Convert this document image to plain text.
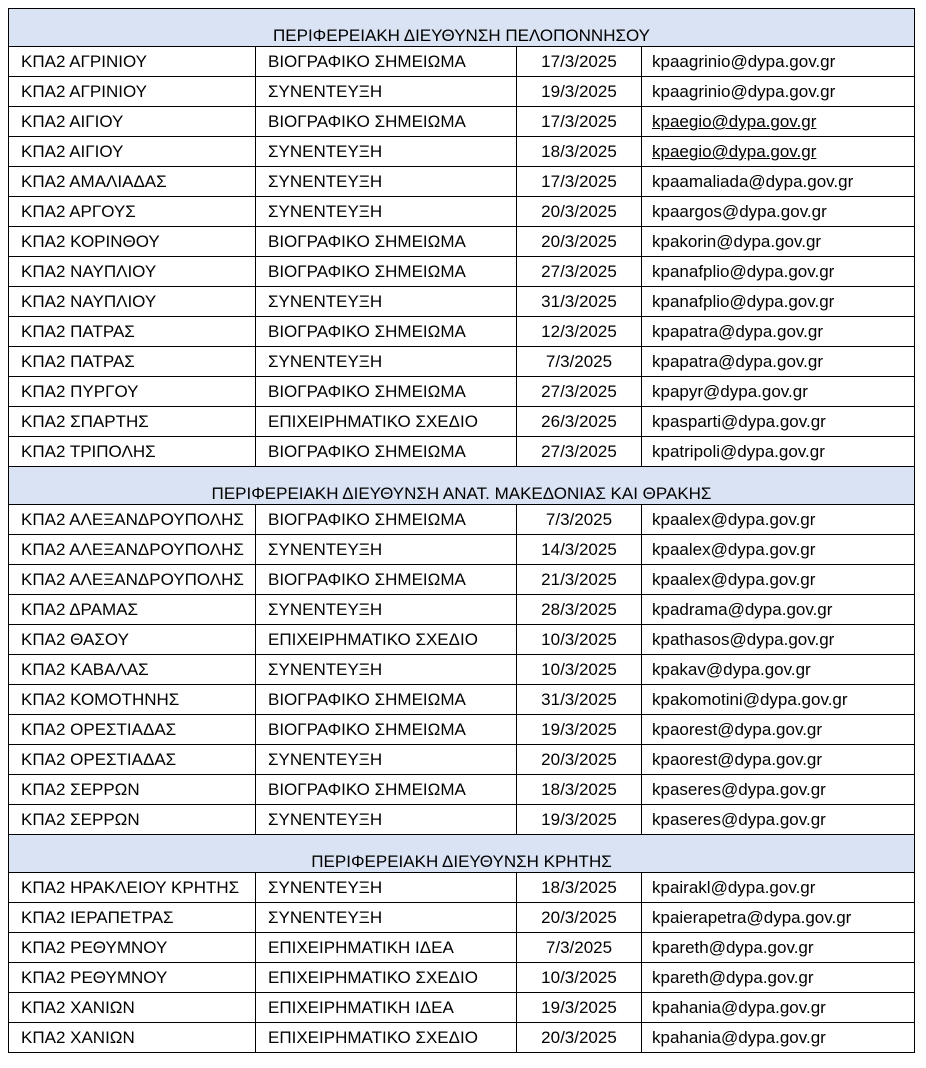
ΠΕΡΙΦΕΡΕΙΑΚΗ ΔΙΕΥΘΥΝΣΗ ΠΕΛΟΠΟΝΝΗΣΟΥ			
ΚΠΑ2 ΑΓΡΙΝΙΟΥ	ΒΙΟΓΡΑΦΙΚΟ ΣΗΜΕΙΩΜΑ	17/3/2025	kpaagrinio@dypa.gov.gr
ΚΠΑ2 ΑΓΡΙΝΙΟΥ	ΣΥΝΕΝΤΕΥΞΗ	19/3/2025	kpaagrinio@dypa.gov.gr
ΚΠΑ2 ΑΙΓΙΟΥ	ΒΙΟΓΡΑΦΙΚΟ ΣΗΜΕΙΩΜΑ	17/3/2025	kpaegio@dypa.gov.gr
ΚΠΑ2 ΑΙΓΙΟΥ	ΣΥΝΕΝΤΕΥΞΗ	18/3/2025	kpaegio@dypa.gov.gr
ΚΠΑ2 ΑΜΑΛΙΑΔΑΣ	ΣΥΝΕΝΤΕΥΞΗ	17/3/2025	kpaamaliada@dypa.gov.gr
ΚΠΑ2 ΑΡΓΟΥΣ	ΣΥΝΕΝΤΕΥΞΗ	20/3/2025	kpaargos@dypa.gov.gr
ΚΠΑ2 ΚΟΡΙΝΘΟΥ	ΒΙΟΓΡΑΦΙΚΟ ΣΗΜΕΙΩΜΑ	20/3/2025	kpakorin@dypa.gov.gr
ΚΠΑ2 ΝΑΥΠΛΙΟΥ	ΒΙΟΓΡΑΦΙΚΟ ΣΗΜΕΙΩΜΑ	27/3/2025	kpanafplio@dypa.gov.gr
ΚΠΑ2 ΝΑΥΠΛΙΟΥ	ΣΥΝΕΝΤΕΥΞΗ	31/3/2025	kpanafplio@dypa.gov.gr
ΚΠΑ2 ΠΑΤΡΑΣ	ΒΙΟΓΡΑΦΙΚΟ ΣΗΜΕΙΩΜΑ	12/3/2025	kpapatra@dypa.gov.gr
ΚΠΑ2 ΠΑΤΡΑΣ	ΣΥΝΕΝΤΕΥΞΗ	7/3/2025	kpapatra@dypa.gov.gr
ΚΠΑ2 ΠΥΡΓΟΥ	ΒΙΟΓΡΑΦΙΚΟ ΣΗΜΕΙΩΜΑ	27/3/2025	kpapyr@dypa.gov.gr
ΚΠΑ2 ΣΠΑΡΤΗΣ	ΕΠΙΧΕΙΡΗΜΑΤΙΚΟ ΣΧΕΔΙΟ	26/3/2025	kpasparti@dypa.gov.gr
ΚΠΑ2 ΤΡΙΠΟΛΗΣ	ΒΙΟΓΡΑΦΙΚΟ ΣΗΜΕΙΩΜΑ	27/3/2025	kpatripoli@dypa.gov.gr
ΠΕΡΙΦΕΡΕΙΑΚΗ ΔΙΕΥΘΥΝΣΗ ΑΝΑΤ. ΜΑΚΕΔΟΝΙΑΣ ΚΑΙ ΘΡΑΚΗΣ			
ΚΠΑ2 ΑΛΕΞΑΝΔΡΟΥΠΟΛΗΣ	ΒΙΟΓΡΑΦΙΚΟ ΣΗΜΕΙΩΜΑ	7/3/2025	kpaalex@dypa.gov.gr
ΚΠΑ2 ΑΛΕΞΑΝΔΡΟΥΠΟΛΗΣ	ΣΥΝΕΝΤΕΥΞΗ	14/3/2025	kpaalex@dypa.gov.gr
ΚΠΑ2 ΑΛΕΞΑΝΔΡΟΥΠΟΛΗΣ	ΒΙΟΓΡΑΦΙΚΟ ΣΗΜΕΙΩΜΑ	21/3/2025	kpaalex@dypa.gov.gr
ΚΠΑ2 ΔΡΑΜΑΣ	ΣΥΝΕΝΤΕΥΞΗ	28/3/2025	kpadrama@dypa.gov.gr
ΚΠΑ2 ΘΑΣΟΥ	ΕΠΙΧΕΙΡΗΜΑΤΙΚΟ ΣΧΕΔΙΟ	10/3/2025	kpathasos@dypa.gov.gr
ΚΠΑ2 ΚΑΒΑΛΑΣ	ΣΥΝΕΝΤΕΥΞΗ	10/3/2025	kpakav@dypa.gov.gr
ΚΠΑ2 ΚΟΜΟΤΗΝΗΣ	ΒΙΟΓΡΑΦΙΚΟ ΣΗΜΕΙΩΜΑ	31/3/2025	kpakomotini@dypa.gov.gr
ΚΠΑ2 ΟΡΕΣΤΙΑΔΑΣ	ΒΙΟΓΡΑΦΙΚΟ ΣΗΜΕΙΩΜΑ	19/3/2025	kpaorest@dypa.gov.gr
ΚΠΑ2 ΟΡΕΣΤΙΑΔΑΣ	ΣΥΝΕΝΤΕΥΞΗ	20/3/2025	kpaorest@dypa.gov.gr
ΚΠΑ2 ΣΕΡΡΩΝ	ΒΙΟΓΡΑΦΙΚΟ ΣΗΜΕΙΩΜΑ	18/3/2025	kpaseres@dypa.gov.gr
ΚΠΑ2 ΣΕΡΡΩΝ	ΣΥΝΕΝΤΕΥΞΗ	19/3/2025	kpaseres@dypa.gov.gr
ΠΕΡΙΦΕΡΕΙΑΚΗ ΔΙΕΥΘΥΝΣΗ ΚΡΗΤΗΣ			
ΚΠΑ2 ΗΡΑΚΛΕΙΟΥ ΚΡΗΤΗΣ	ΣΥΝΕΝΤΕΥΞΗ	18/3/2025	kpairakl@dypa.gov.gr
ΚΠΑ2 ΙΕΡΑΠΕΤΡΑΣ	ΣΥΝΕΝΤΕΥΞΗ	20/3/2025	kpaierapetra@dypa.gov.gr
ΚΠΑ2 ΡΕΘΥΜΝΟΥ	ΕΠΙΧΕΙΡΗΜΑΤΙΚΗ ΙΔΕΑ	7/3/2025	kpareth@dypa.gov.gr
ΚΠΑ2 ΡΕΘΥΜΝΟΥ	ΕΠΙΧΕΙΡΗΜΑΤΙΚΟ ΣΧΕΔΙΟ	10/3/2025	kpareth@dypa.gov.gr
ΚΠΑ2 ΧΑΝΙΩΝ	ΕΠΙΧΕΙΡΗΜΑΤΙΚΗ ΙΔΕΑ	19/3/2025	kpahania@dypa.gov.gr
ΚΠΑ2 ΧΑΝΙΩΝ	ΕΠΙΧΕΙΡΗΜΑΤΙΚΟ ΣΧΕΔΙΟ	20/3/2025	kpahania@dypa.gov.gr
